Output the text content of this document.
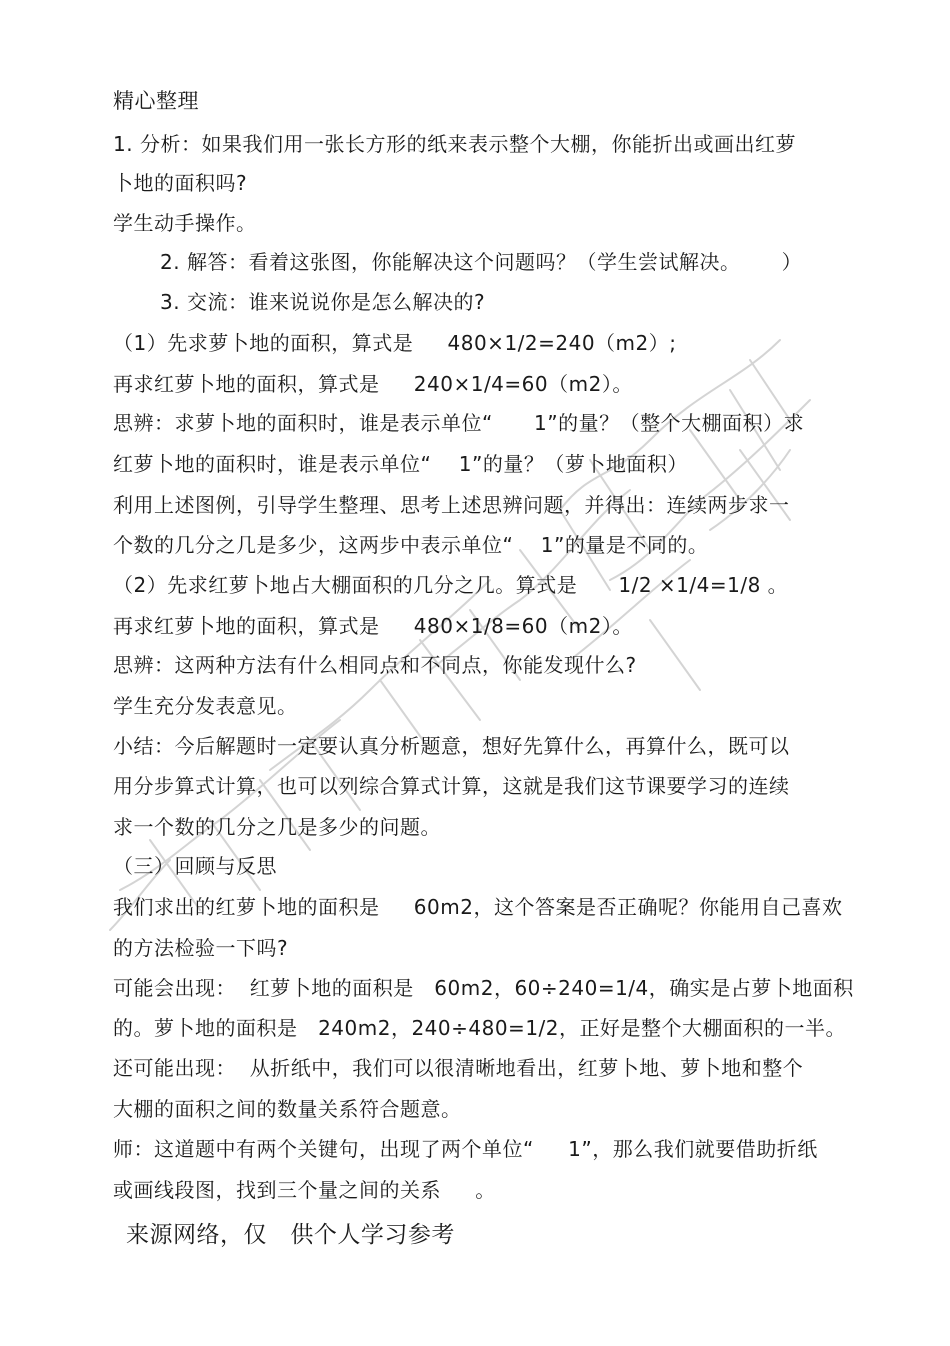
精心整理
1. 分析：如果我们用一张长方形的纸来表示整个大棚，你能折出或画出红萝
卜地的面积吗?
学生动手操作。
2. 解答：看着这张图，你能解决这个问题吗？（学生尝试解决。      ）
3. 交流：谁来说说你是怎么解决的?
（1）先求萝卜地的面积，算式是     480×1/2=240（m2）;
再求红萝卜地的面积，算式是     240×1/4=60（m2）。
思辨：求萝卜地的面积时，谁是表示单位“      1”的量？（整个大棚面积）求
红萝卜地的面积时，谁是表示单位“    1”的量？（萝卜地面积）
利用上述图例，引导学生整理、思考上述思辨问题，并得出：连续两步求一
个数的几分之几是多少，这两步中表示单位“    1”的量是不同的。
（2）先求红萝卜地占大棚面积的几分之几。算式是      1/2 ×1/4=1/8 。
再求红萝卜地的面积，算式是     480×1/8=60（m2）。
思辨：这两种方法有什么相同点和不同点，你能发现什么?
学生充分发表意见。
小结：今后解题时一定要认真分析题意，想好先算什么，再算什么，既可以
用分步算式计算，也可以列综合算式计算，这就是我们这节课要学习的连续
求一个数的几分之几是多少的问题。
（三）回顾与反思
我们求出的红萝卜地的面积是     60m2，这个答案是否正确呢？你能用自己喜欢
的方法检验一下吗?
可能会出现：  红萝卜地的面积是   60m2，60÷240=1/4，确实是占萝卜地面积
的。萝卜地的面积是   240m2，240÷480=1/2，正好是整个大棚面积的一半。
还可能出现：  从折纸中，我们可以很清晰地看出，红萝卜地、萝卜地和整个
大棚的面积之间的数量关系符合题意。
师：这道题中有两个关键句，出现了两个单位“     1”，那么我们就要借助折纸
或画线段图，找到三个量之间的关系     。
来源网络，仅   供个人学习参考
